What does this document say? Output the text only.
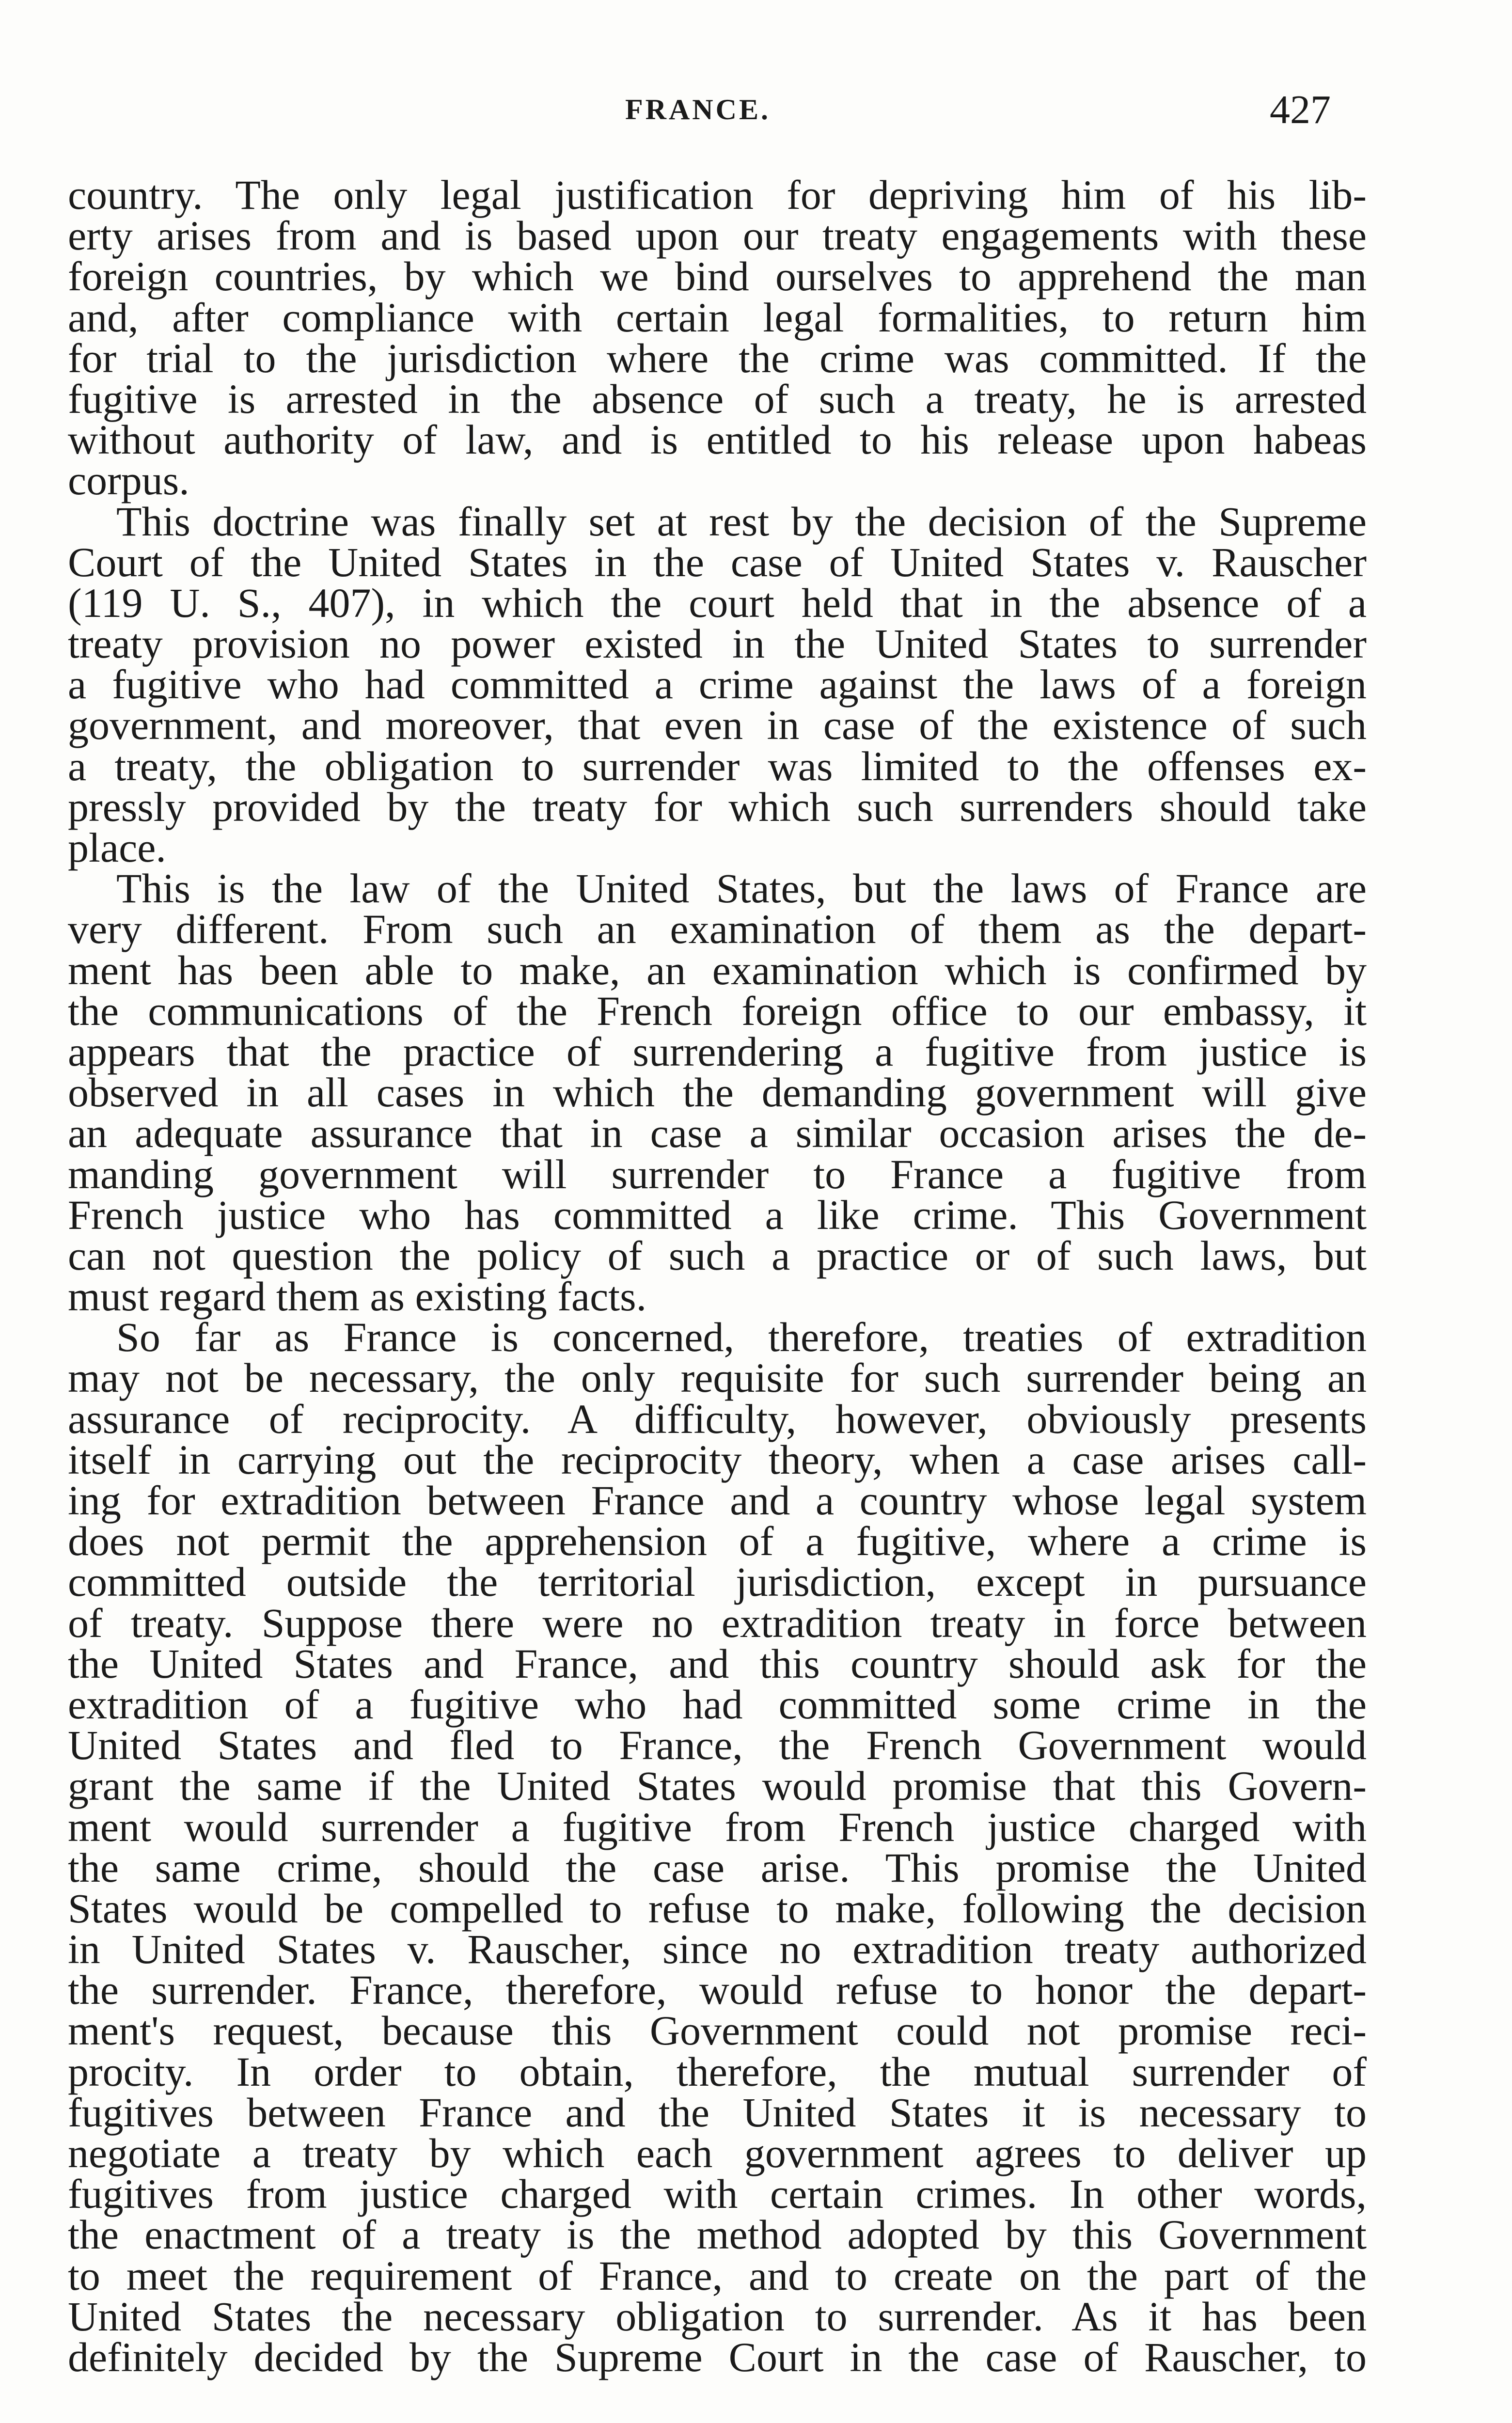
FRANCE.	427
country. The only legal justification for depriving him of his lib-
erty arises from and is based upon our treaty engagements with these
foreign countries, by which we bind ourselves to apprehend the man
and, after compliance with certain legal formalities, to return him
for trial to the jurisdiction where the crime was committed. If the
fugitive is arrested in the absence of such a treaty, he is arrested
without authority of law, and is entitled to his release upon habeas
corpus.
This doctrine was finally set at rest by the decision of the Supreme
Court of the United States in the case of United States v. Rauscher
(119 U. S., 407), in which the court held that in the absence of a
treaty provision no power existed in the United States to surrender
a fugitive who had committed a crime against the laws of a foreign
government, and moreover, that even in case of the existence of such
a treaty, the obligation to surrender was limited to the offenses ex-
pressly provided by the treaty for which such surrenders should take
place.
This is the law of the United States, but the laws of France are
very different. From such an examination of them as the depart-
ment has been able to make, an examination which is confirmed by
the communications of the French foreign office to our embassy, it
appears that the practice of surrendering a fugitive from justice is
observed in all cases in which the demanding government will give
an adequate assurance that in case a similar occasion arises the de-
manding government will surrender to France a fugitive from
French justice who has committed a like crime. This Government
can not question the policy of such a practice or of such laws, but
must regard them as existing facts.
So far as France is concerned, therefore, treaties of extradition
may not be necessary, the only requisite for such surrender being an
assurance of reciprocity. A difficulty, however, obviously presents
itself in carrying out the reciprocity theory, when a case arises call-
ing for extradition between France and a country whose legal system
does not permit the apprehension of a fugitive, where a crime is
committed outside the territorial jurisdiction, except in pursuance
of treaty. Suppose there were no extradition treaty in force between
the United States and France, and this country should ask for the
extradition of a fugitive who had committed some crime in the
United States and fled to France, the French Government would
grant the same if the United States would promise that this Govern-
ment would surrender a fugitive from French justice charged with
the same crime, should the case arise. This promise the United
States would be compelled to refuse to make, following the decision
in United States v. Rauscher, since no extradition treaty authorized
the surrender. France, therefore, would refuse to honor the depart-
ment's request, because this Government could not promise reci-
procity. In order to obtain, therefore, the mutual surrender of
fugitives between France and the United States it is necessary to
negotiate a treaty by which each government agrees to deliver up
fugitives from justice charged with certain crimes. In other words,
the enactment of a treaty is the method adopted by this Government
to meet the requirement of France, and to create on the part of the
United States the necessary obligation to surrender. As it has been
definitely decided by the Supreme Court in the case of Rauscher, to
